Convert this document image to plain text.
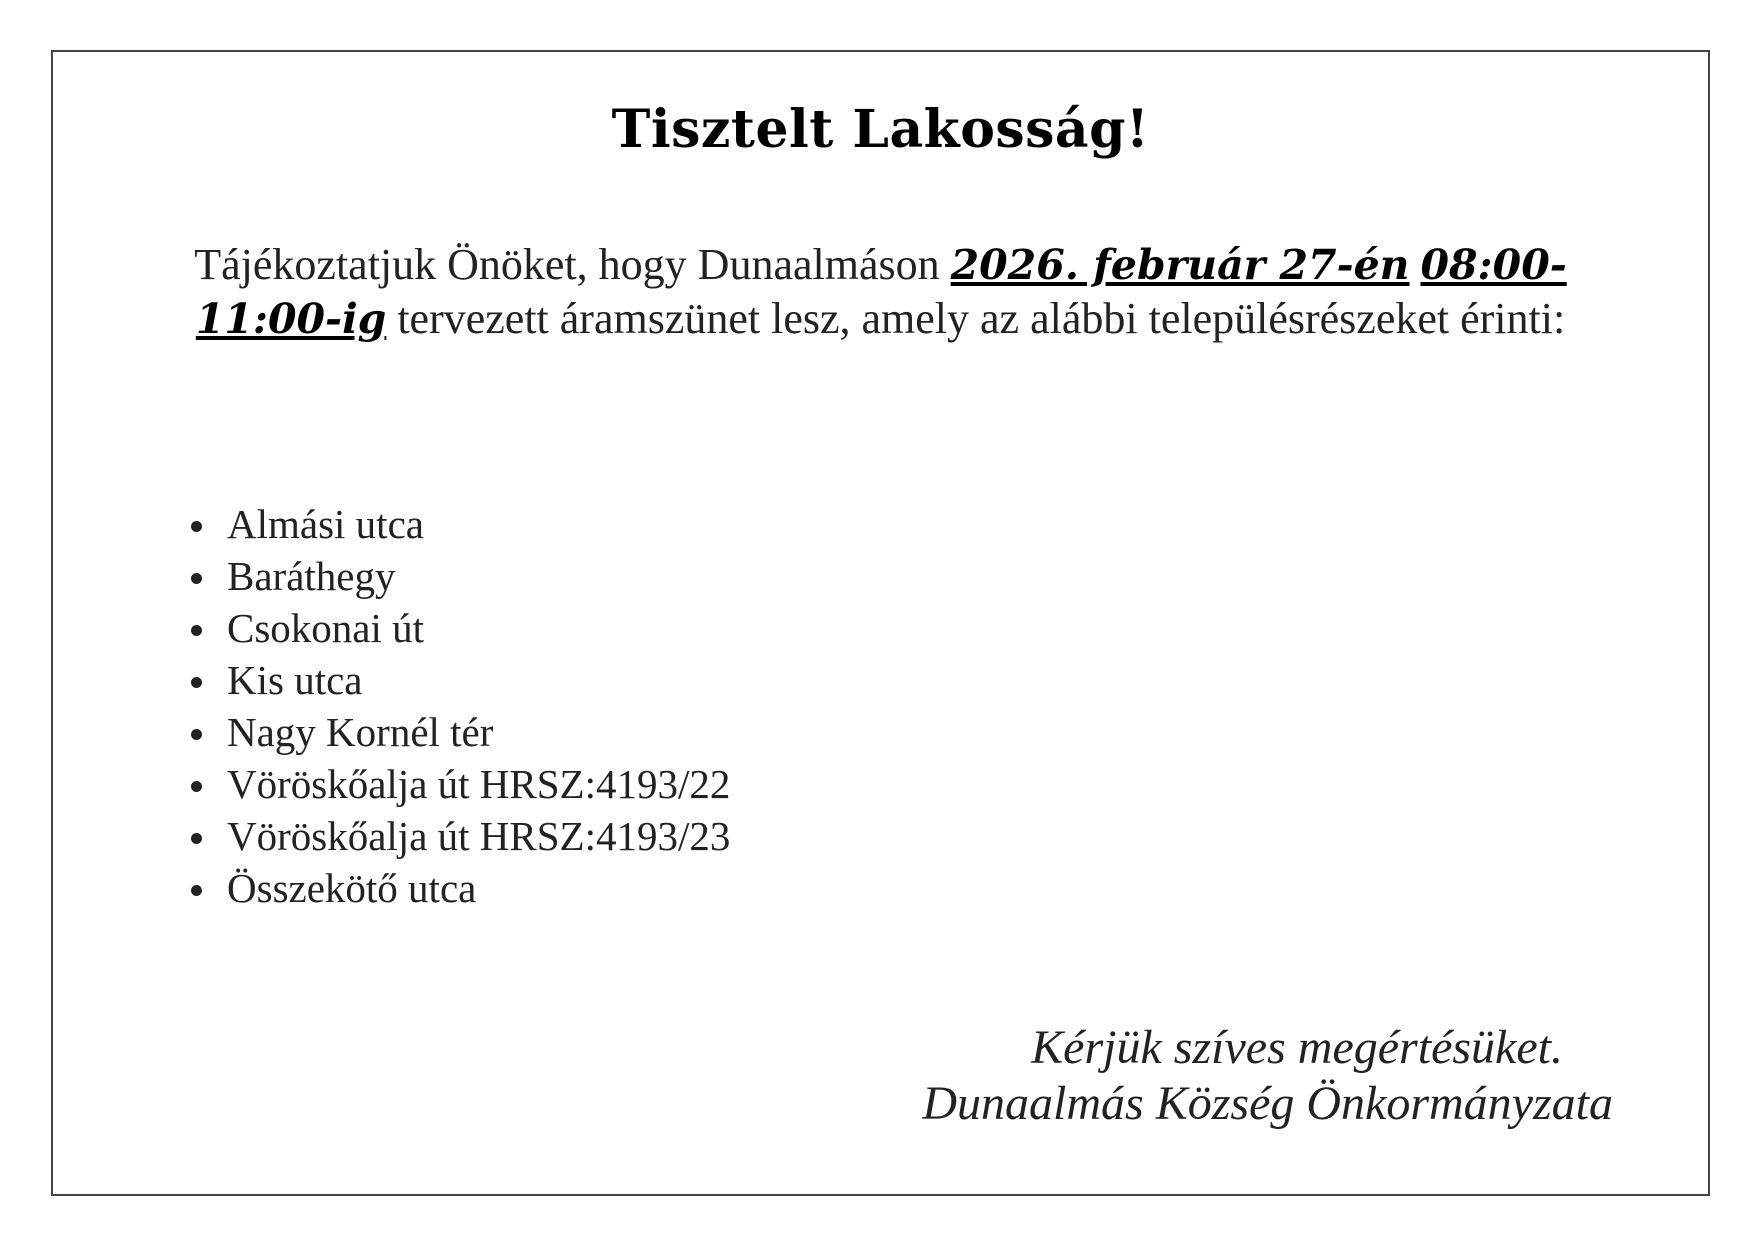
Tisztelt Lakosság!

Tájékoztatjuk Önöket, hogy Dunaalmáson 2026. február 27-én 08:00-11:00-ig tervezett áramszünet lesz, amely az alábbi településrészeket érinti:

Almási utca
Baráthegy
Csokonai út
Kis utca
Nagy Kornél tér
Vöröskőalja út HRSZ:4193/22
Vöröskőalja út HRSZ:4193/23
Összekötő utca
Kérjük szíves megértésüket.
Dunaalmás Község Önkormányzata
